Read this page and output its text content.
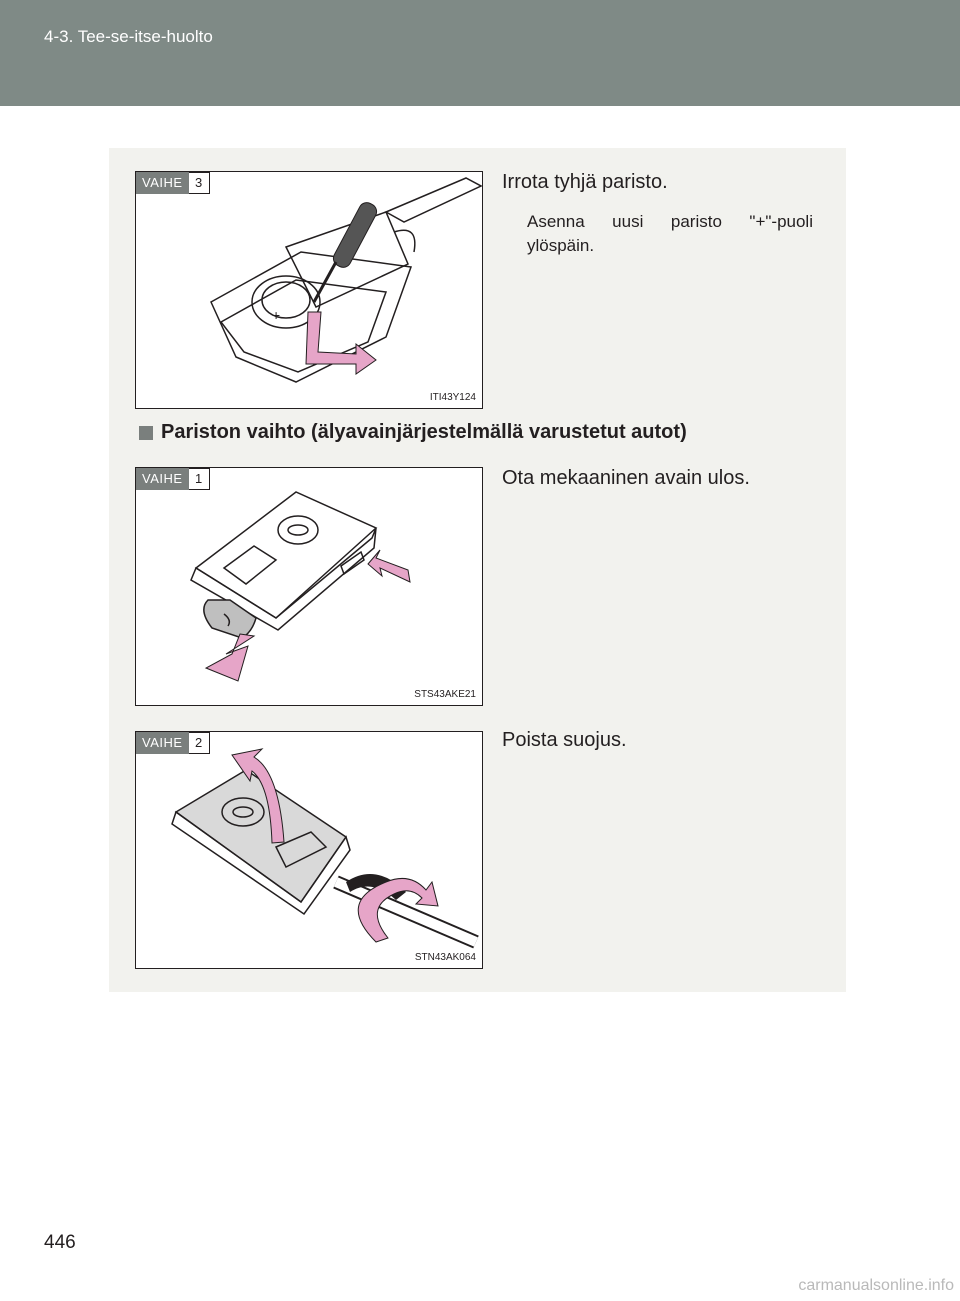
4-3. Tee-se-itse-huolto
+
VAIHE 3
ITI43Y124
Irrota tyhjä paristo.
Asenna uusi paristo "+"-puoli ylöspäin.
Pariston vaihto (älyavainjärjestelmällä varustetut autot)
VAIHE 1
STS43AKE21
Ota mekaaninen avain ulos.
VAIHE 2
STN43AK064
Poista suojus.
446
carmanualsonline.info
